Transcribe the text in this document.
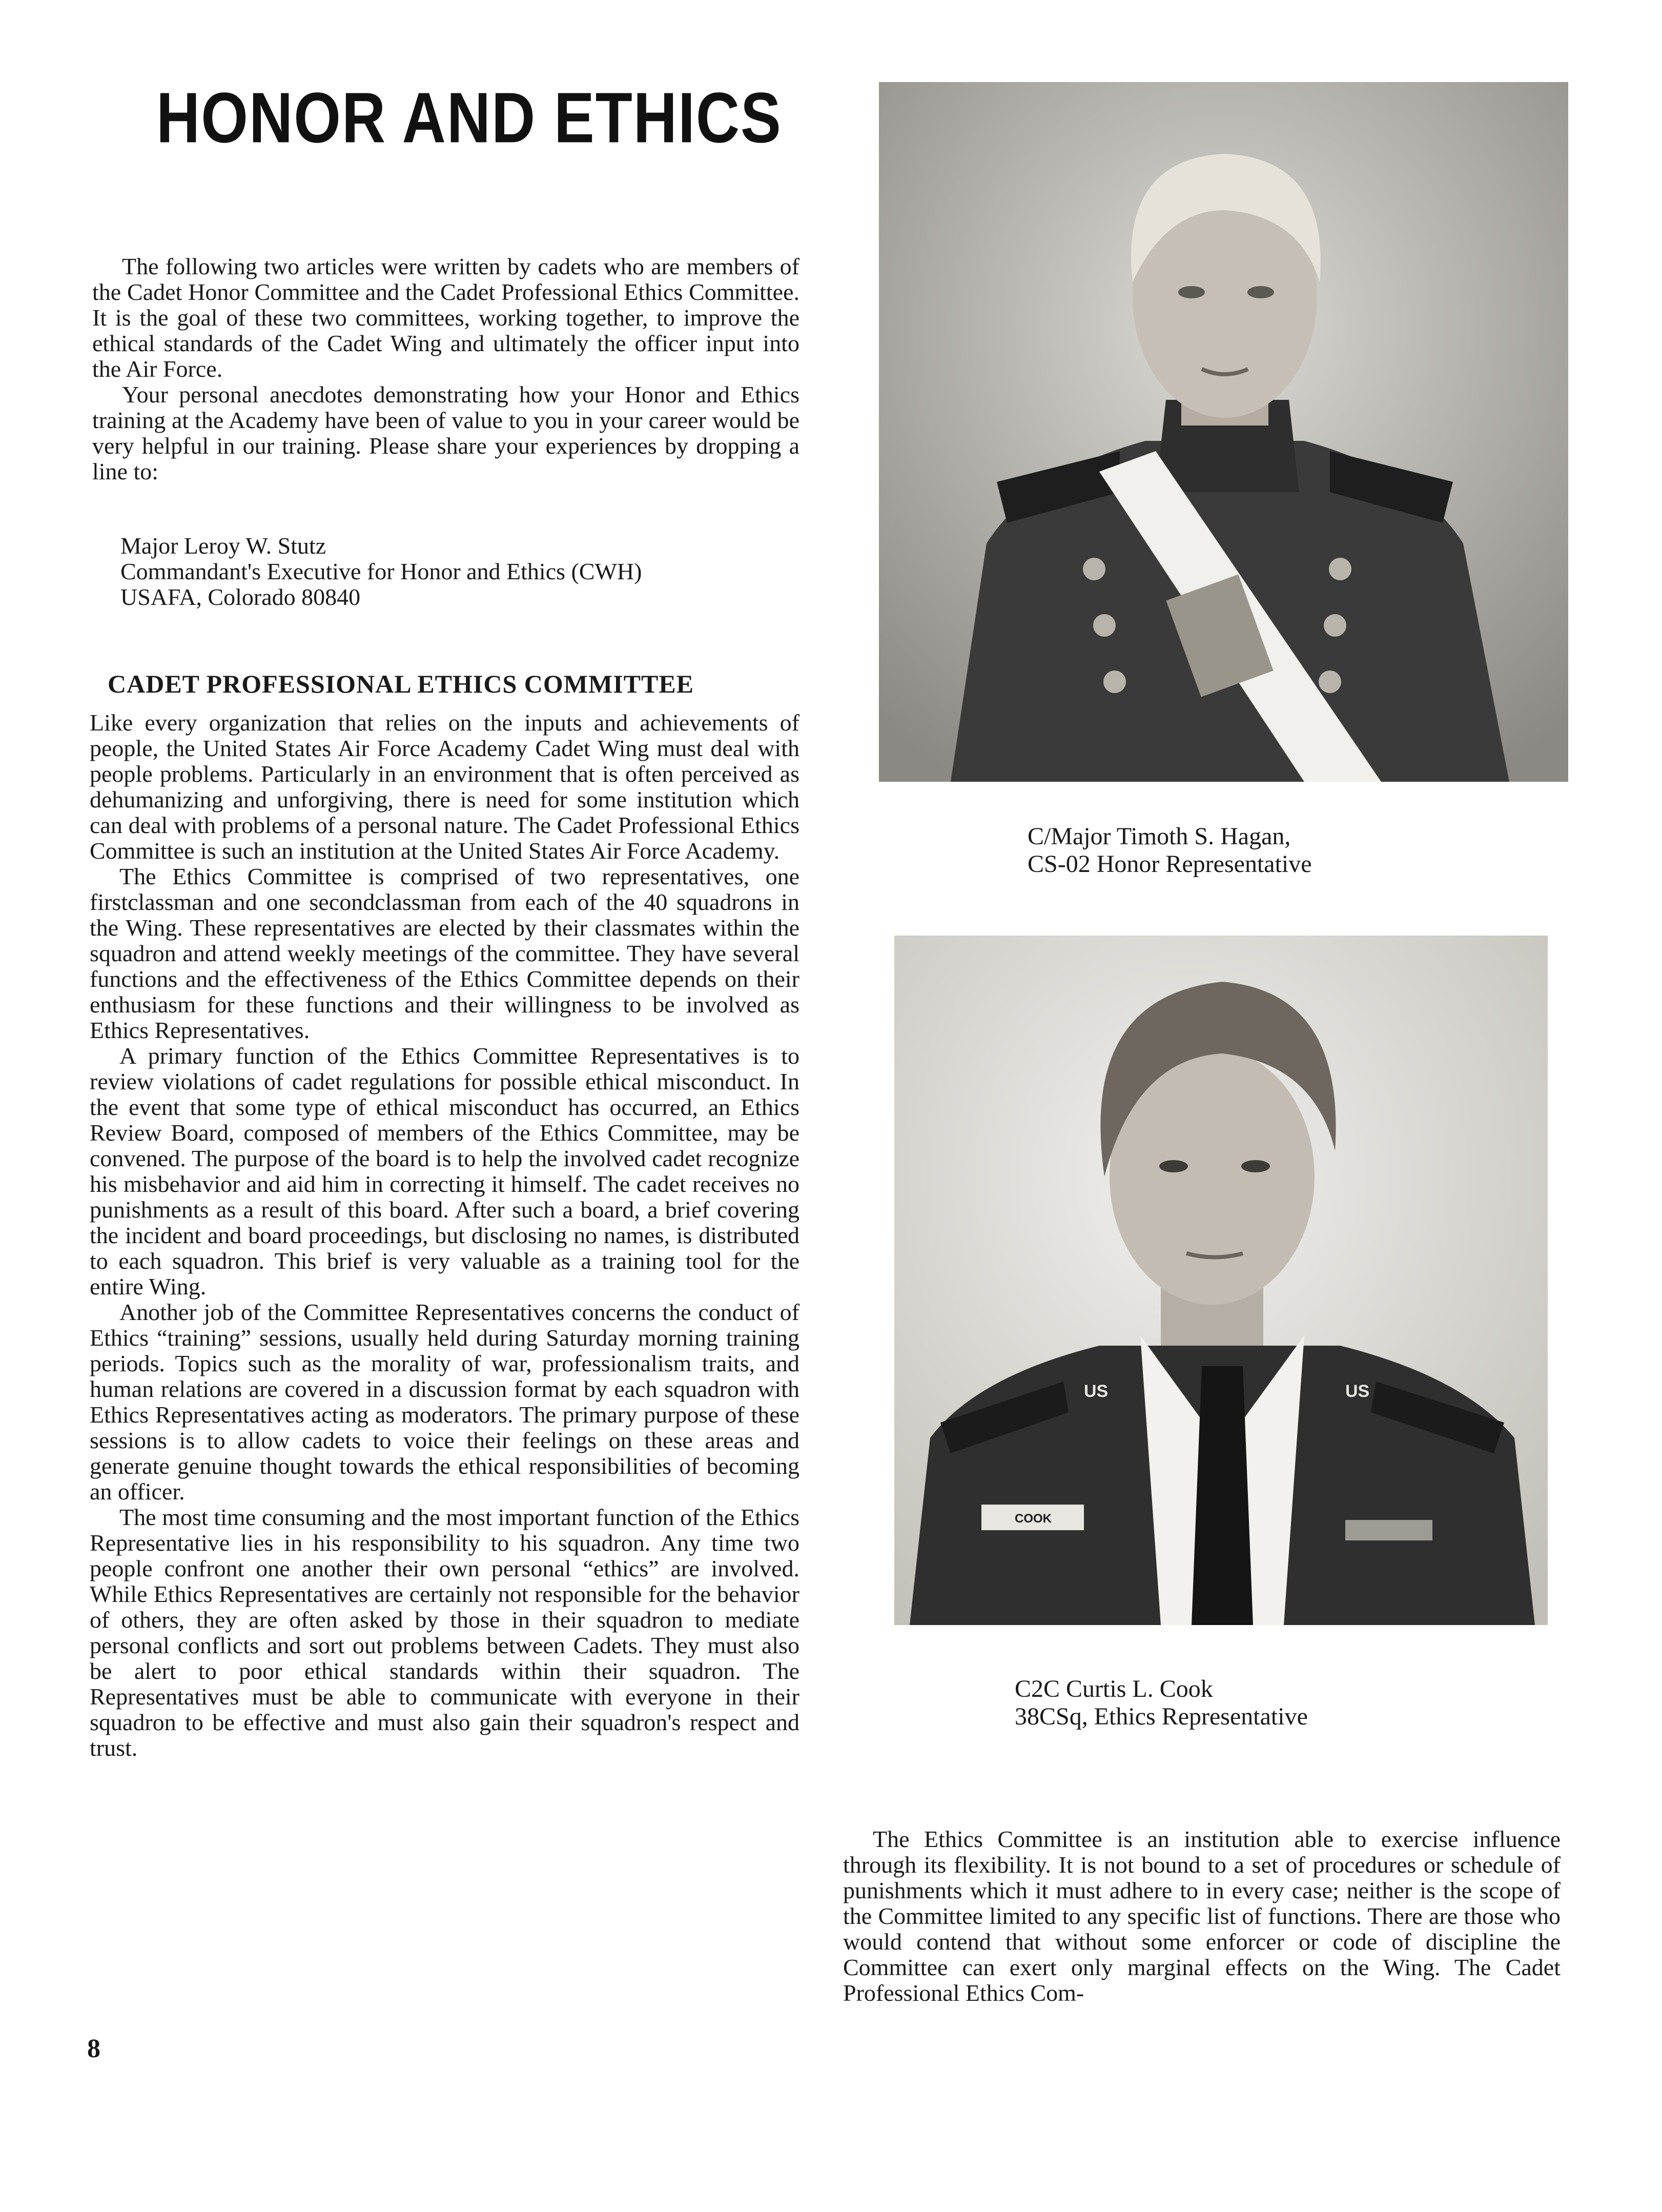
HONOR AND ETHICS

The following two articles were written by cadets who are members of the Cadet Honor Committee and the Cadet Professional Ethics Committee. It is the goal of these two committees, working together, to improve the ethical standards of the Cadet Wing and ultimately the officer input into the Air Force.

Your personal anecdotes demonstrating how your Honor and Ethics training at the Academy have been of value to you in your career would be very helpful in our training. Please share your experiences by dropping a line to:

Major Leroy W. Stutz
Commandant's Executive for Honor and Ethics (CWH)
USAFA, Colorado 80840
CADET PROFESSIONAL ETHICS COMMITTEE

Like every organization that relies on the inputs and achievements of people, the United States Air Force Academy Cadet Wing must deal with people problems. Particularly in an environment that is often perceived as dehumanizing and unforgiving, there is need for some institution which can deal with problems of a personal nature. The Cadet Professional Ethics Committee is such an institution at the United States Air Force Academy.

The Ethics Committee is comprised of two representatives, one firstclassman and one secondclassman from each of the 40 squadrons in the Wing. These representatives are elected by their classmates within the squadron and attend weekly meetings of the committee. They have several functions and the effectiveness of the Ethics Committee depends on their enthusiasm for these functions and their willingness to be involved as Ethics Representatives.

A primary function of the Ethics Committee Representatives is to review violations of cadet regulations for possible ethical misconduct. In the event that some type of ethical misconduct has occurred, an Ethics Review Board, composed of members of the Ethics Committee, may be convened. The purpose of the board is to help the involved cadet recognize his misbehavior and aid him in correcting it himself. The cadet receives no punishments as a result of this board. After such a board, a brief covering the incident and board proceedings, but disclosing no names, is distributed to each squadron. This brief is very valuable as a training tool for the entire Wing.

Another job of the Committee Representatives concerns the conduct of Ethics “training” sessions, usually held during Saturday morning training periods. Topics such as the morality of war, professionalism traits, and human relations are covered in a discussion format by each squadron with Ethics Representatives acting as moderators. The primary purpose of these sessions is to allow cadets to voice their feelings on these areas and generate genuine thought towards the ethical responsibilities of becoming an officer.

The most time consuming and the most important function of the Ethics Representative lies in his responsibility to his squadron. Any time two people confront one another their own personal “ethics” are involved. While Ethics Representatives are certainly not responsible for the behavior of others, they are often asked by those in their squadron to mediate personal conflicts and sort out problems between Cadets. They must also be alert to poor ethical standards within their squadron. The Representatives must be able to communicate with everyone in their squadron to be effective and must also gain their squadron's respect and trust.

8
C/Major Timoth S. Hagan,
CS-02 Honor Representative
US	US
COOK
C2C Curtis L. Cook
38CSq, Ethics Representative

The Ethics Committee is an institution able to exercise influence through its flexibility. It is not bound to a set of procedures or schedule of punishments which it must adhere to in every case; neither is the scope of the Committee limited to any specific list of functions. There are those who would contend that without some enforcer or code of discipline the Committee can exert only marginal effects on the Wing. The Cadet Professional Ethics Com-
